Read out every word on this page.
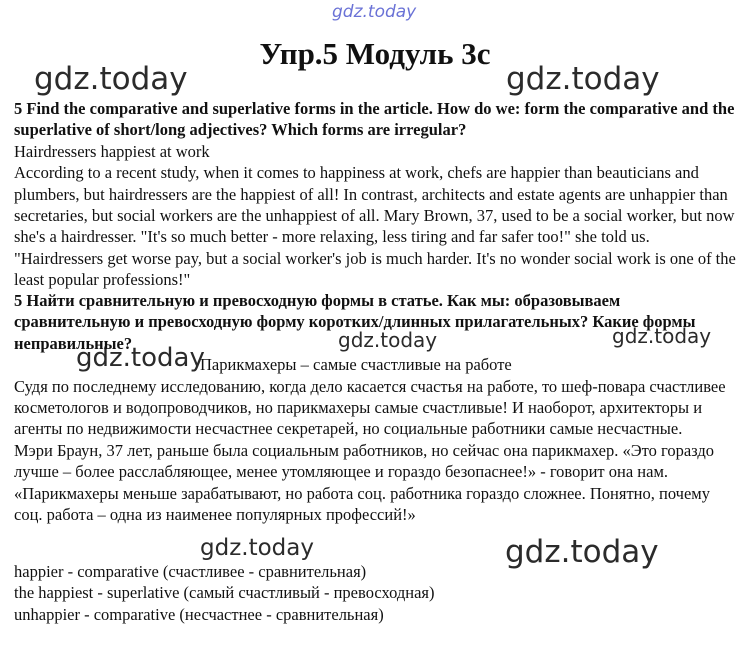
gdz.today
gdz.today	gdz.today
gdz.today	gdz.today
gdz.today
gdz.today	gdz.today
Упр.5 Модуль 3с

5 Find the comparative and superlative forms in the article. How do we: form the comparative and the superlative of short/long adjectives? Which forms are irregular?

Hairdressers happiest at work

According to a recent study, when it comes to happiness at work, chefs are happier than beauticians and plumbers, but hairdressers are the happiest of all! In contrast, architects and estate agents are unhappier than secretaries, but social workers are the unhappiest of all. Mary Brown, 37, used to be a social worker, but now she's a hairdresser. "It's so much better - more relaxing, less tiring and far safer too!" she told us. "Hairdressers get worse pay, but a social worker's job is much harder. It's no wonder social work is one of the least popular professions!"

5 Найти сравнительную и превосходную формы в статье. Как мы: образовываем сравнительную и превосходную форму коротких/длинных прилагательных? Какие формы неправильные?

Парикмахеры – самые счастливые на работе

Судя по последнему исследованию, когда дело касается счастья на работе, то шеф-повара счастливее косметологов и водопроводчиков, но парикмахеры самые счастливые! И наоборот, архитекторы и агенты по недвижимости несчастнее секретарей, но социальные работники самые несчастные.

Мэри Браун, 37 лет, раньше была социальным работников, но сейчас она парикмахер. «Это гораздо лучше – более расслабляющее, менее утомляющее и гораздо безопаснее!» - говорит она нам. «Парикмахеры меньше зарабатывают, но работа соц. работника гораздо сложнее. Понятно, почему соц. работа – одна из наименее популярных профессий!»

happier - comparative (счастливее - сравнительная)

the happiest - superlative (самый счастливый - превосходная)

unhappier - comparative (несчастнее - сравнительная)
